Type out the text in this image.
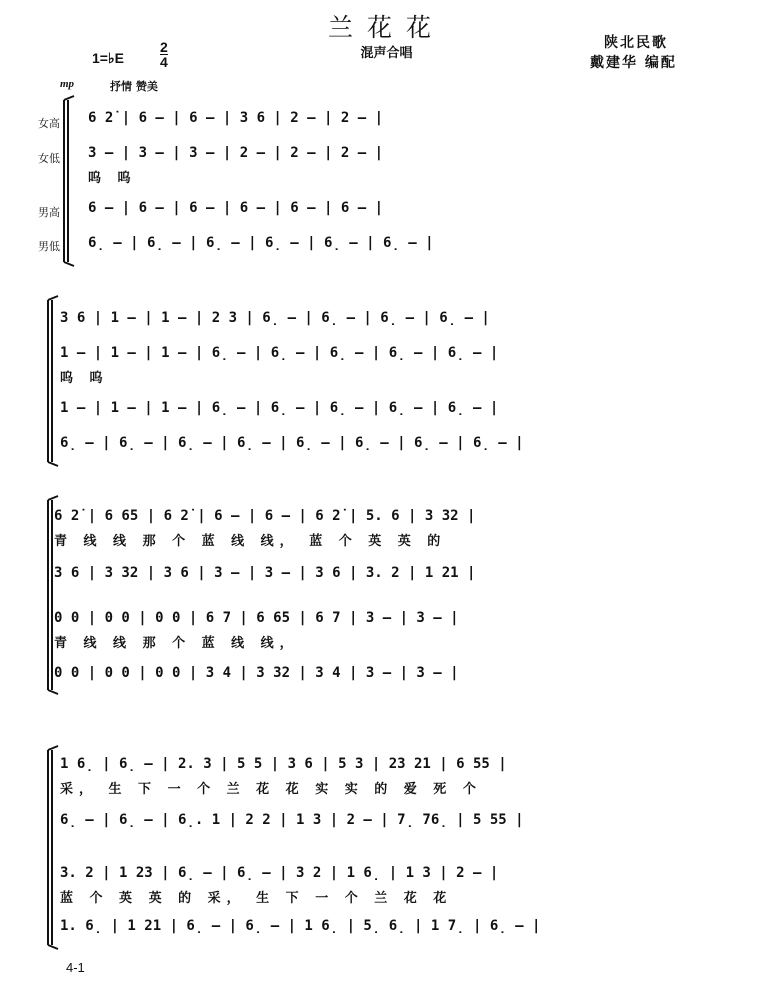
兰花花
混声合唱
陕北民歌
戴建华 编配
1=♭E
2
4
mp	抒情 赞美
女高
女低
男高
男低
6 2̇ | 6 – | 6 – | 3 6 | 2 – | 2 – |
3 – | 3 – | 3 – | 2 – | 2 – | 2 – |
6 – | 6 – | 6 – | 6 – | 6 – | 6 – |
6̣ – | 6̣ – | 6̣ – | 6̣ – | 6̣ – | 6̣ – |
呜 呜
3 6 | 1 – | 1 – | 2 3 | 6̣ – | 6̣ – | 6̣ – | 6̣ – |
1 – | 1 – | 1 – | 6̣ – | 6̣ – | 6̣ – | 6̣ – | 6̣ – |
1 – | 1 – | 1 – | 6̣ – | 6̣ – | 6̣ – | 6̣ – | 6̣ – |
6̣ – | 6̣ – | 6̣ – | 6̣ – | 6̣ – | 6̣ – | 6̣ – | 6̣ – |
呜 呜
6 2̇ | 6 65 | 6 2̇ | 6 – | 6 – | 6 2̇ | 5. 6 | 3 32 |
3 6 | 3 32 | 3 6 | 3 – | 3 – | 3 6 | 3. 2 | 1 21 |
0 0 | 0 0 | 0 0 | 6 7 | 6 65 | 6 7 | 3 – | 3 – |
0 0 | 0 0 | 0 0 | 3 4 | 3 32 | 3 4 | 3 – | 3 – |
青 线 线 那 个 蓝 线 线， 蓝 个 英 英 的
青 线 线 那 个 蓝 线 线，
1 6̣ | 6̣ – | 2. 3 | 5 5 | 3 6 | 5 3 | 23 21 | 6 55 |
6̣ – | 6̣ – | 6̣. 1 | 2 2 | 1 3 | 2 – | 7̣ 76̣ | 5 55 |
3. 2 | 1 23 | 6̣ – | 6̣ – | 3 2 | 1 6̣ | 1 3 | 2 – |
1. 6̣ | 1 21 | 6̣ – | 6̣ – | 1 6̣ | 5̣ 6̣ | 1 7̣ | 6̣ – |
采， 生 下 一 个 兰 花 花 实 实 的 爱 死 个
蓝 个 英 英 的 采， 生 下 一 个 兰 花 花
4-1
